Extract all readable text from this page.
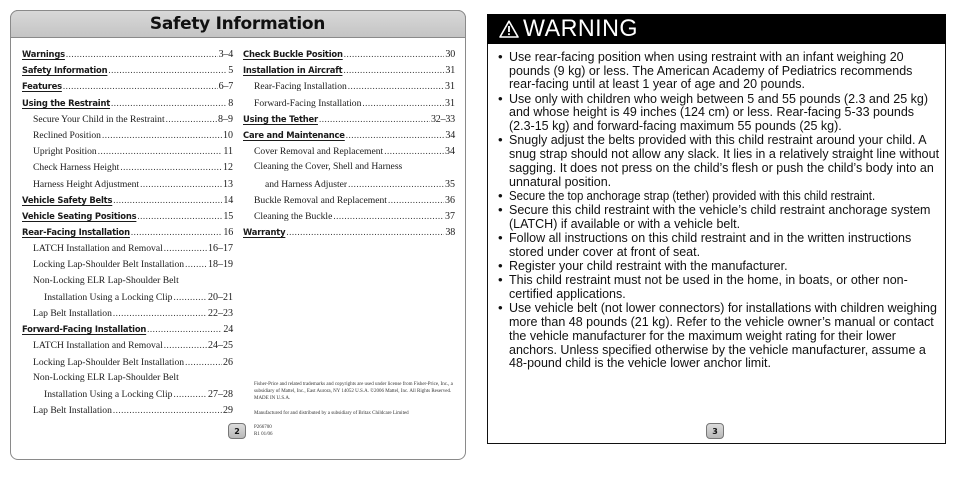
Safety Information
Warnings .....	3–4
Safety Information .....	5
Features .....	6–7
Using the Restraint .....	8
Secure Your Child in the Restraint .....	8–9
Reclined Position .....	10
Upright Position .....	11
Check Harness Height .....	12
Harness Height Adjustment .....	13
Vehicle Safety Belts .....	14
Vehicle Seating Positions .....	15
Rear-Facing Installation .....	16
LATCH Installation and Removal .....	16–17
Locking Lap-Shoulder Belt Installation ..... 18–19
Non-Locking ELR Lap-Shoulder Belt
Installation Using a Locking Clip .....	20–21
Lap Belt Installation .....	22–23
Forward-Facing Installation .....	24
LATCH Installation and Removal .....	24–25
Locking Lap-Shoulder Belt Installation .....	26
Non-Locking ELR Lap-Shoulder Belt
Installation Using a Locking Clip .....	27–28
Lap Belt Installation .....	29
Check Buckle Position .....	30
Installation in Aircraft .....	31
Rear-Facing Installation .....	31
Forward-Facing Installation .....	31
Using the Tether .....	32–33
Care and Maintenance .....	34
Cover Removal and Replacement .....	34
Cleaning the Cover, Shell and Harness
and Harness Adjuster .....	35
Buckle Removal and Replacement .....	36
Cleaning the Buckle .....	37
Warranty .....	38

Fisher-Price and related trademarks and copyrights are used under license from Fisher-Price, Inc., a subsidiary of Mattel, Inc., East Aurora, NY 14052 U.S.A. ©2006 Mattel, Inc. All Rights Reserved. MADE IN U.S.A.

Manufactured for and distributed by a subsidiary of Britax Childcare Limited

P266700
R1 01/06
2
WARNING
• Use rear-facing position when using restraint with an infant weighing 20 pounds (9 kg) or less. The American Academy of Pediatrics recommends rear-facing until at least 1 year of age and 20 pounds.
• Use only with children who weigh between 5 and 55 pounds (2.3 and 25 kg) and whose height is 49 inches (124 cm) or less. Rear-facing 5-33 pounds (2.3-15 kg) and forward-facing maximum 55 pounds (25 kg).
• Snugly adjust the belts provided with this child restraint around your child. A snug strap should not allow any slack. It lies in a relatively straight line without sagging. It does not press on the child’s flesh or push the child’s body into an unnatural position.
• Secure the top anchorage strap (tether) provided with this child restraint.
• Secure this child restraint with the vehicle’s child restraint anchorage system (LATCH) if available or with a vehicle belt.
• Follow all instructions on this child restraint and in the written instructions stored under cover at front of seat.
• Register your child restraint with the manufacturer.
• This child restraint must not be used in the home, in boats, or other non-certified applications.
• Use vehicle belt (not lower connectors) for installations with children weighing more than 48 pounds (21 kg). Refer to the vehicle owner’s manual or contact the vehicle manufacturer for the maximum weight rating for their lower anchors. Unless specified otherwise by the vehicle manufacturer, assume a 48-pound child is the vehicle lower anchor limit.
3
